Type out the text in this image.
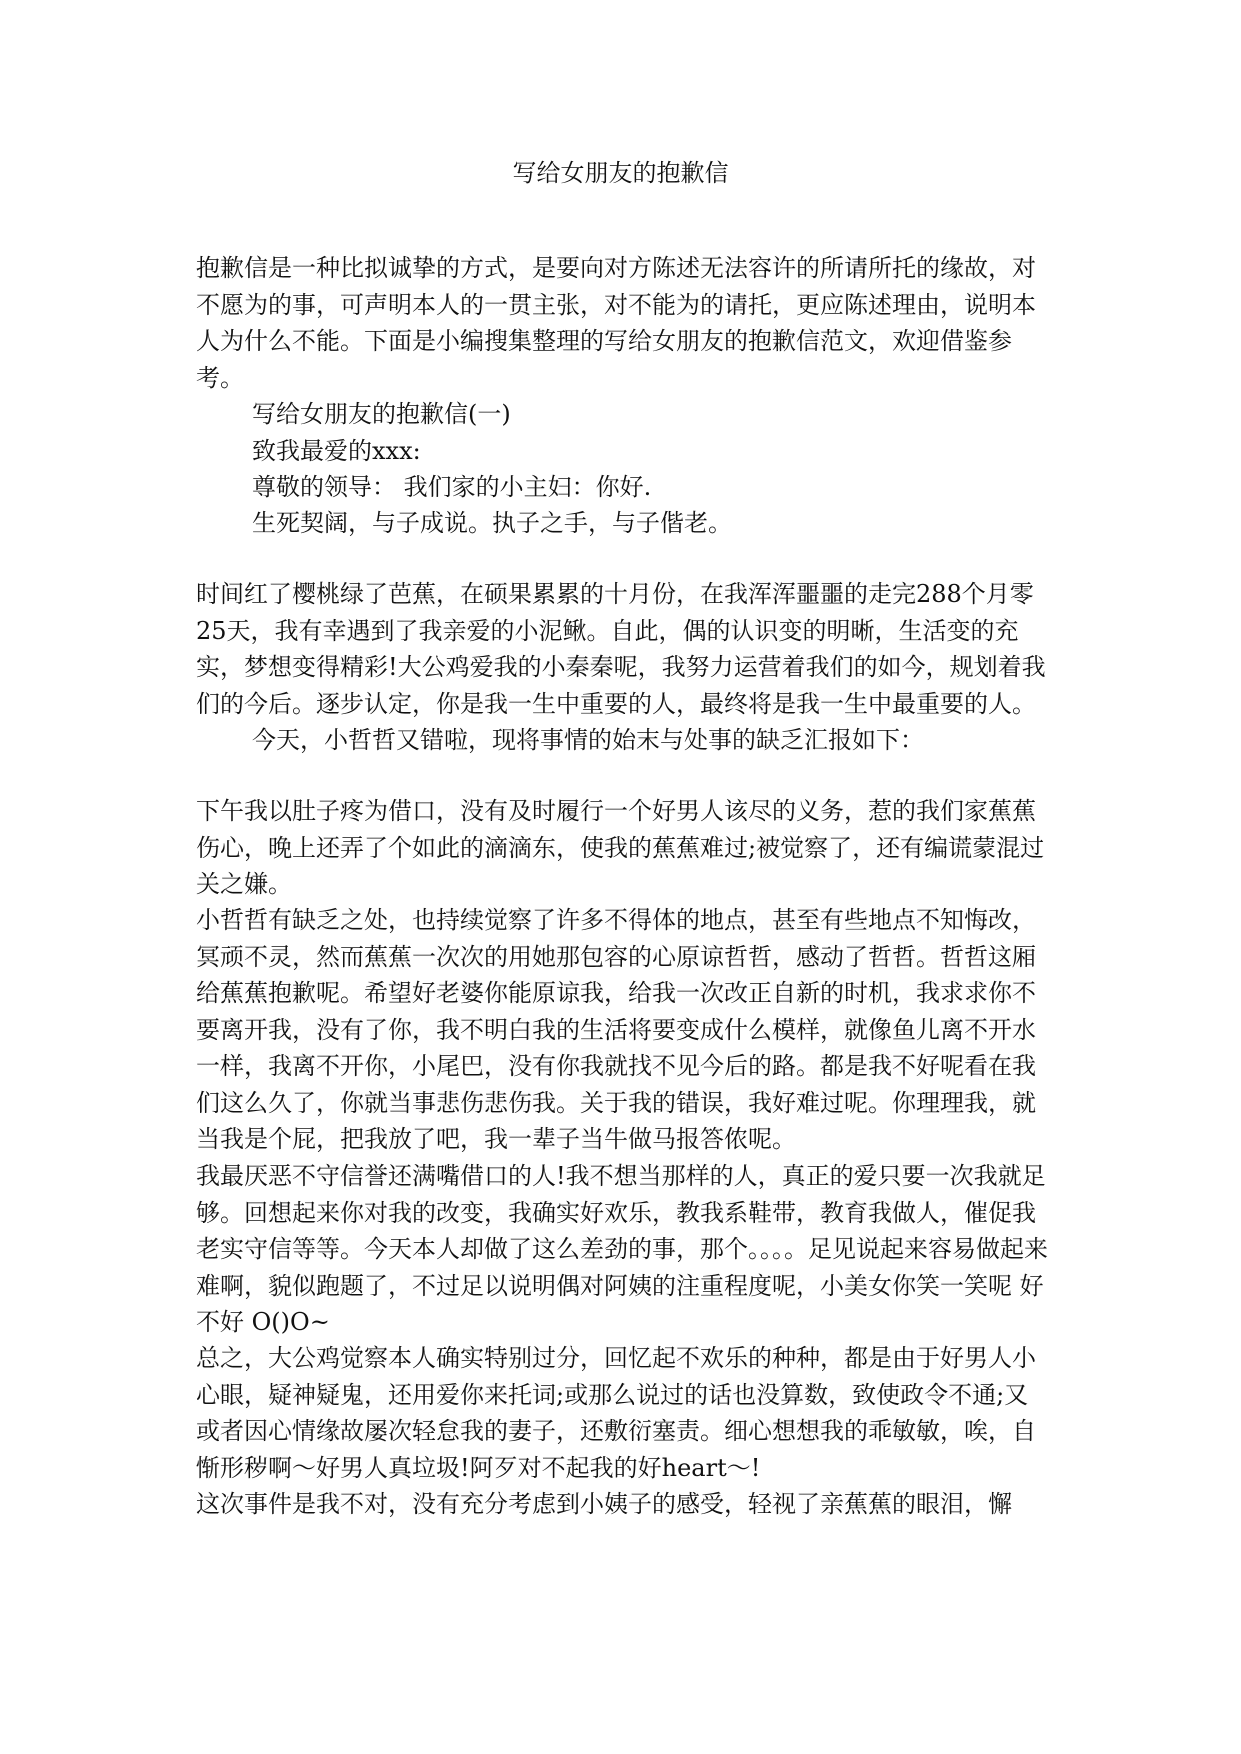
写给女朋友的抱歉信

抱歉信是一种比拟诚挚的方式，是要向对方陈述无法容许的所请所托的缘故，对不愿为的事，可声明本人的一贯主张，对不能为的请托，更应陈述理由，说明本人为什么不能。下面是小编搜集整理的写给女朋友的抱歉信范文，欢迎借鉴参考。

写给女朋友的抱歉信(一)
致我最爱的xxx:
尊敬的领导： 我们家的小主妇：你好.
生死契阔，与子成说。执子之手，与子偕老。

时间红了樱桃绿了芭蕉，在硕果累累的十月份，在我浑浑噩噩的走完288个月零25天，我有幸遇到了我亲爱的小泥鳅。自此，偶的认识变的明晰，生活变的充实，梦想变得精彩!大公鸡爱我的小秦秦呢，我努力运营着我们的如今，规划着我们的今后。逐步认定，你是我一生中重要的人，最终将是我一生中最重要的人。

今天，小哲哲又错啦，现将事情的始末与处事的缺乏汇报如下：

下午我以肚子疼为借口，没有及时履行一个好男人该尽的义务，惹的我们家蕉蕉伤心，晚上还弄了个如此的滴滴东，使我的蕉蕉难过;被觉察了，还有编谎蒙混过关之嫌。

小哲哲有缺乏之处，也持续觉察了许多不得体的地点，甚至有些地点不知悔改，冥顽不灵，然而蕉蕉一次次的用她那包容的心原谅哲哲，感动了哲哲。哲哲这厢给蕉蕉抱歉呢。希望好老婆你能原谅我，给我一次改正自新的时机，我求求你不要离开我，没有了你，我不明白我的生活将要变成什么模样，就像鱼儿离不开水一样，我离不开你，小尾巴，没有你我就找不见今后的路。都是我不好呢看在我们这么久了，你就当事悲伤悲伤我。关于我的错误，我好难过呢。你理理我，就当我是个屁，把我放了吧，我一辈子当牛做马报答侬呢。

我最厌恶不守信誉还满嘴借口的人!我不想当那样的人，真正的爱只要一次我就足够。回想起来你对我的改变，我确实好欢乐，教我系鞋带，教育我做人，催促我老实守信等等。今天本人却做了这么差劲的事，那个。。。。足见说起来容易做起来难啊，貌似跑题了，不过足以说明偶对阿姨的注重程度呢，小美女你笑一笑呢 好不好 O()O~

总之，大公鸡觉察本人确实特别过分，回忆起不欢乐的种种，都是由于好男人小心眼，疑神疑鬼，还用爱你来托词;或那么说过的话也没算数，致使政令不通;又或者因心情缘故屡次轻怠我的妻子，还敷衍塞责。细心想想我的乖敏敏，唉，自惭形秽啊～好男人真垃圾!阿歹对不起我的好heart～!

这次事件是我不对，没有充分考虑到小姨子的感受，轻视了亲蕉蕉的眼泪，懈
